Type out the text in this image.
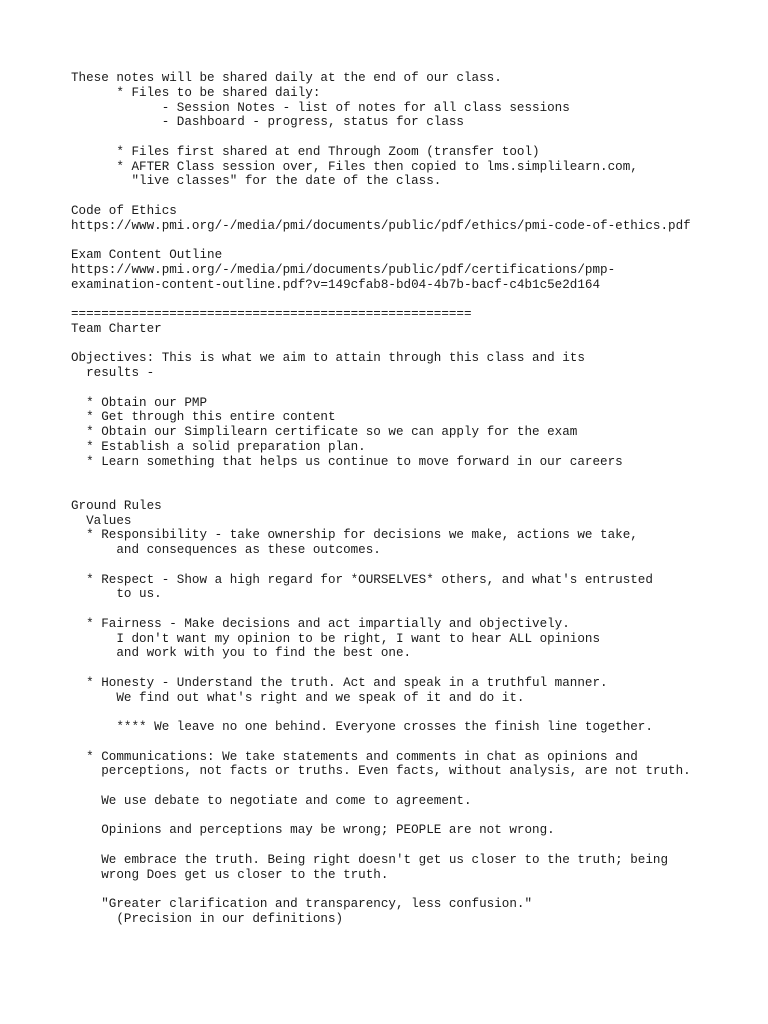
These notes will be shared daily at the end of our class.
* Files to be shared daily:
- Session Notes - list of notes for all class sessions
- Dashboard - progress, status for class
* Files first shared at end Through Zoom (transfer tool)
* AFTER Class session over, Files then copied to lms.simplilearn.com,
"live classes" for the date of the class.
Code of Ethics
https://www.pmi.org/-/media/pmi/documents/public/pdf/ethics/pmi-code-of-ethics.pdf
Exam Content Outline
https://www.pmi.org/-/media/pmi/documents/public/pdf/certifications/pmp-
examination-content-outline.pdf?v=149cfab8-bd04-4b7b-bacf-c4b1c5e2d164
=====================================================
Team Charter
Objectives: This is what we aim to attain through this class and its
results -
* Obtain our PMP
* Get through this entire content
* Obtain our Simplilearn certificate so we can apply for the exam
* Establish a solid preparation plan.
* Learn something that helps us continue to move forward in our careers
Ground Rules
Values
* Responsibility - take ownership for decisions we make, actions we take,
and consequences as these outcomes.
* Respect - Show a high regard for *OURSELVES* others, and what's entrusted
to us.
* Fairness - Make decisions and act impartially and objectively.
I don't want my opinion to be right, I want to hear ALL opinions
and work with you to find the best one.
* Honesty - Understand the truth. Act and speak in a truthful manner.
We find out what's right and we speak of it and do it.
**** We leave no one behind. Everyone crosses the finish line together.
* Communications: We take statements and comments in chat as opinions and
perceptions, not facts or truths. Even facts, without analysis, are not truth.
We use debate to negotiate and come to agreement.
Opinions and perceptions may be wrong; PEOPLE are not wrong.
We embrace the truth. Being right doesn't get us closer to the truth; being
wrong Does get us closer to the truth.
"Greater clarification and transparency, less confusion."
(Precision in our definitions)
